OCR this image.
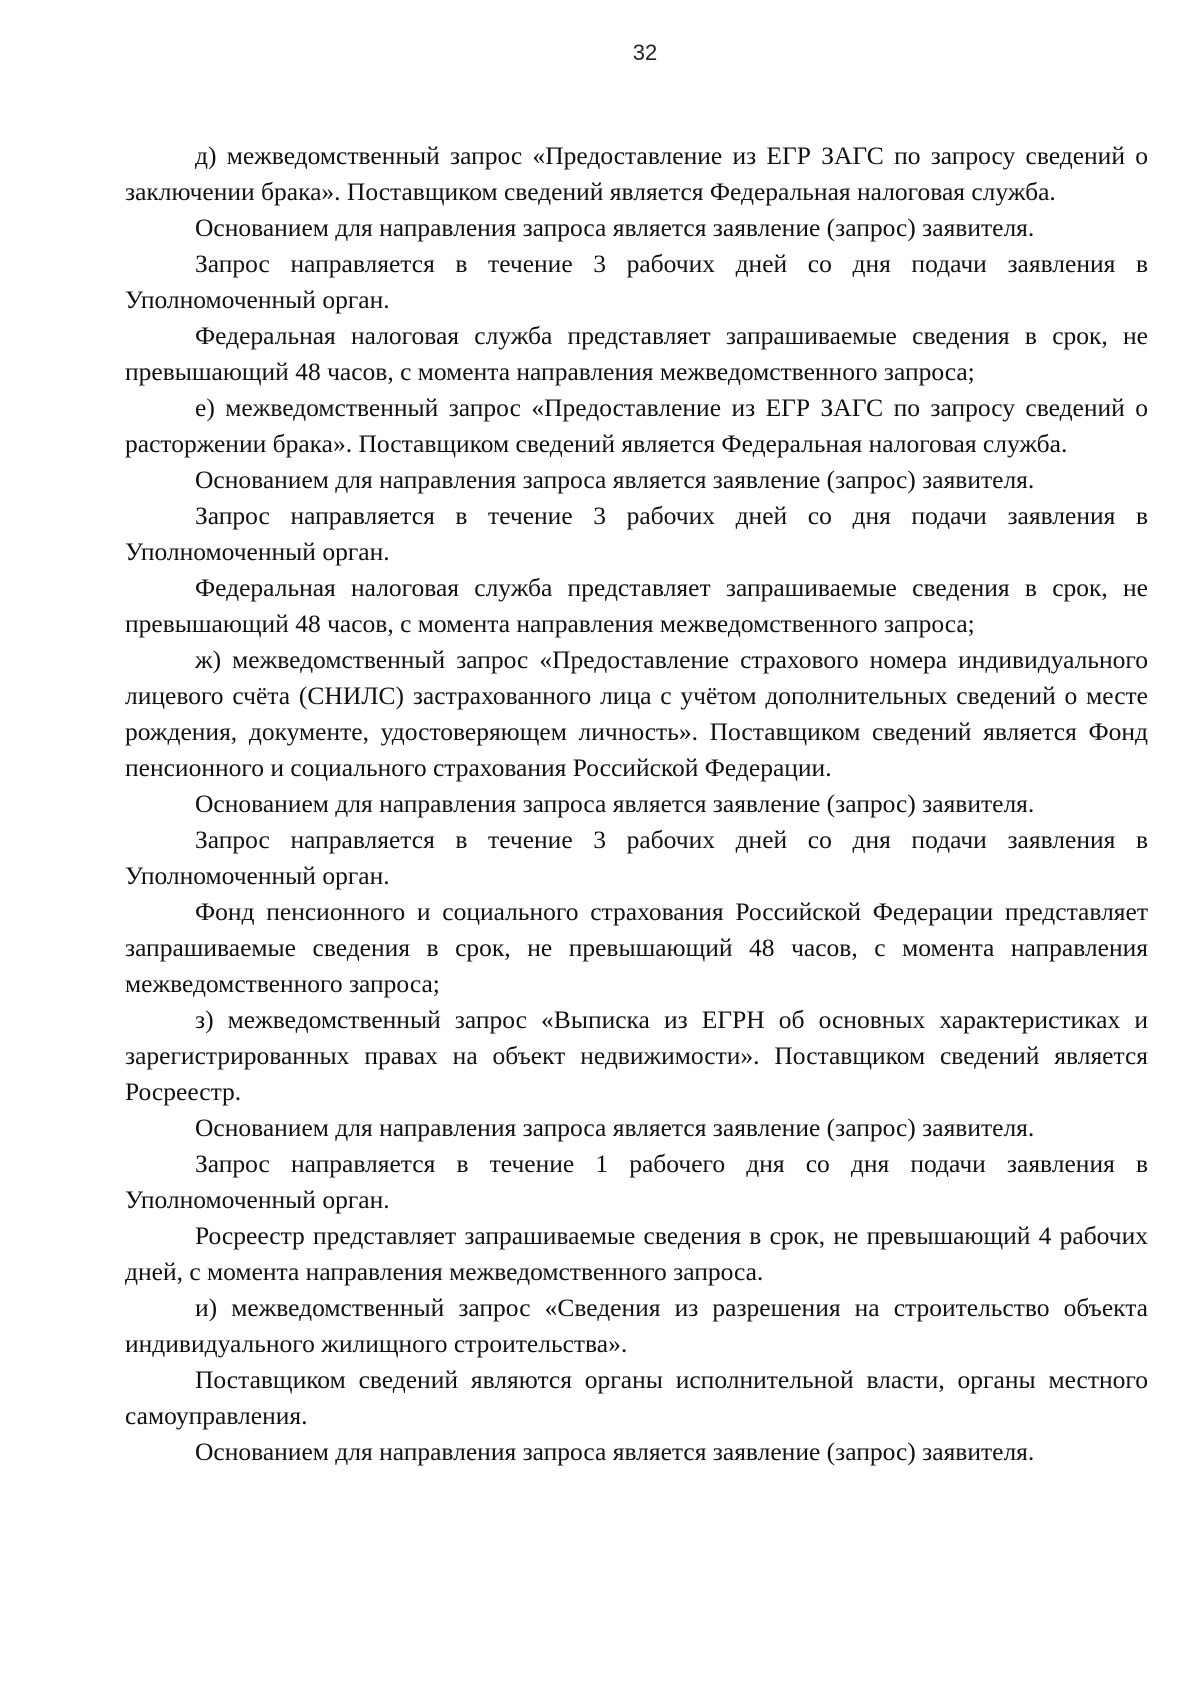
32

д) межведомственный запрос «Предоставление из ЕГР ЗАГС по запросу сведений о заключении брака». Поставщиком сведений является Федеральная налоговая служба.

Основанием для направления запроса является заявление (запрос) заявителя.

Запрос направляется в течение 3 рабочих дней со дня подачи заявления в Уполномоченный орган.

Федеральная налоговая служба представляет запрашиваемые сведения в срок, не превышающий 48 часов, с момента направления межведомственного запроса;

е) межведомственный запрос «Предоставление из ЕГР ЗАГС по запросу сведений о расторжении брака». Поставщиком сведений является Федеральная налоговая служба.

Основанием для направления запроса является заявление (запрос) заявителя.

Запрос направляется в течение 3 рабочих дней со дня подачи заявления в Уполномоченный орган.

Федеральная налоговая служба представляет запрашиваемые сведения в срок, не превышающий 48 часов, с момента направления межведомственного запроса;

ж) межведомственный запрос «Предоставление страхового номера индивидуального лицевого счёта (СНИЛС) застрахованного лица с учётом дополнительных сведений о месте рождения, документе, удостоверяющем личность». Поставщиком сведений является Фонд пенсионного и социального страхования Российской Федерации.

Основанием для направления запроса является заявление (запрос) заявителя.

Запрос направляется в течение 3 рабочих дней со дня подачи заявления в Уполномоченный орган.

Фонд пенсионного и социального страхования Российской Федерации представляет запрашиваемые сведения в срок, не превышающий 48 часов, с момента направления межведомственного запроса;

з) межведомственный запрос «Выписка из ЕГРН об основных характеристиках и зарегистрированных правах на объект недвижимости». Поставщиком сведений является Росреестр.

Основанием для направления запроса является заявление (запрос) заявителя.

Запрос направляется в течение 1 рабочего дня со дня подачи заявления в Уполномоченный орган.

Росреестр представляет запрашиваемые сведения в срок, не превышающий 4 рабочих дней, с момента направления межведомственного запроса.

и) межведомственный запрос «Сведения из разрешения на строительство объекта индивидуального жилищного строительства».

Поставщиком сведений являются органы исполнительной власти, органы местного самоуправления.

Основанием для направления запроса является заявление (запрос) заявителя.
